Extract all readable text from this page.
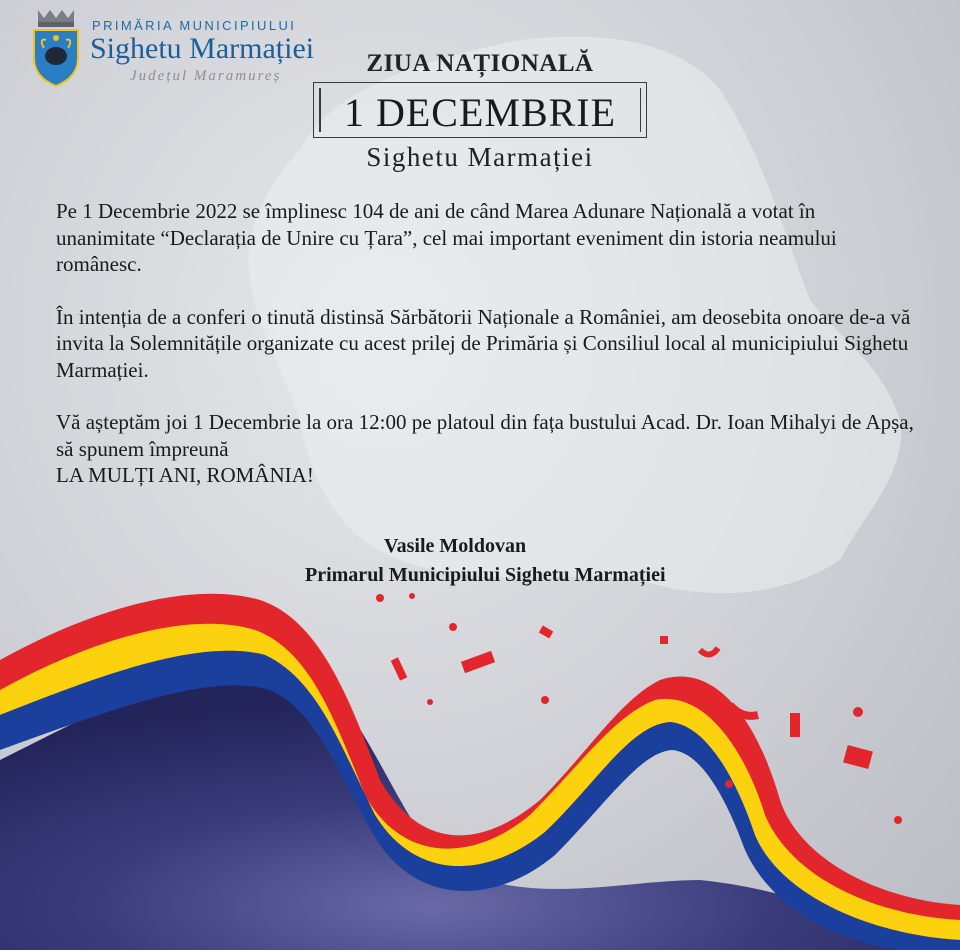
PRIMĂRIA MUNICIPIULUI
Sighetu Marmației
Județul Maramureș	ZIUA NAȚIONALĂ
1 DECEMBRIE
Sighetu Marmației

Pe 1 Decembrie 2022 se împlinesc 104 de ani de când Marea Adunare Națională a votat în unanimitate “Declarația de Unire cu Țara”, cel mai important eveniment din istoria neamului românesc.

În intenția de a conferi o tinută distinsă Sărbătorii Naționale a României, am deosebita onoare de-a vă invita la Solemnitățile organizate cu acest prilej de Primăria și Consiliul local al municipiului Sighetu Marmației.

Vă așteptăm joi 1 Decembrie la ora 12:00 pe platoul din fața bustului Acad. Dr. Ioan Mihalyi de Apșa, să spunem împreună

LA MULȚI ANI, ROMÂNIA!

Vasile Moldovan
Primarul Municipiului Sighetu Marmației
